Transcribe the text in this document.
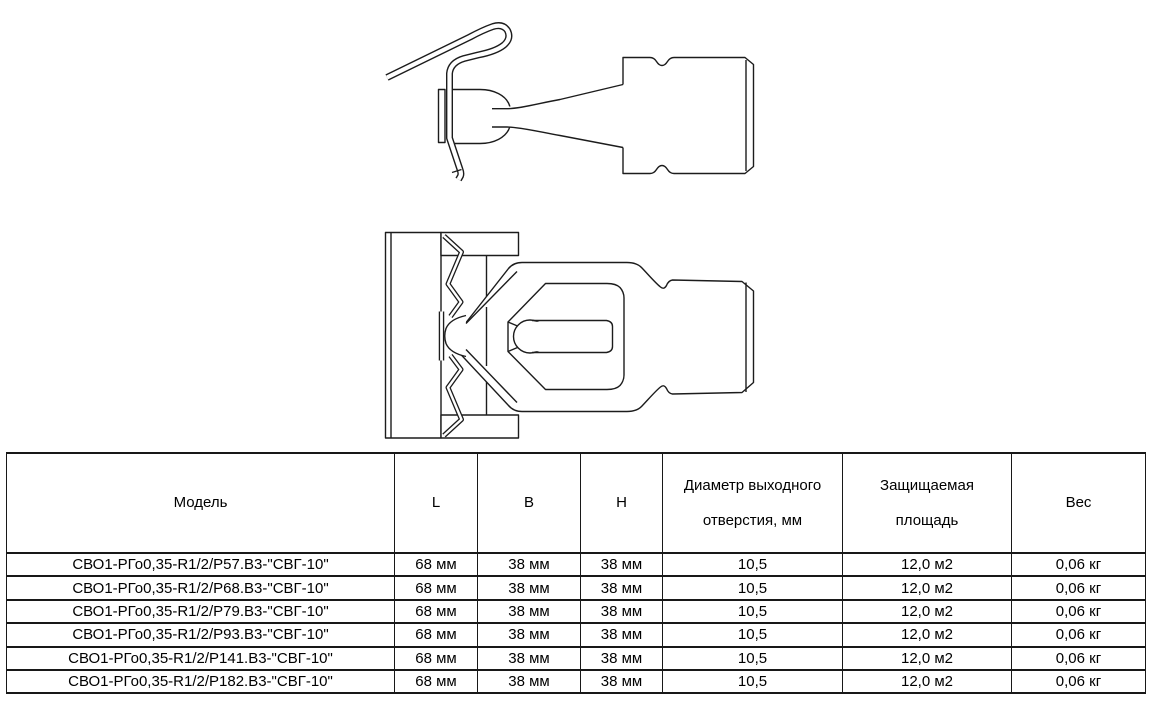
Модель	L	B	H	Диаметр выходного отверстия, мм	Защищаемая площадь	Вес
СВО1-РГо0,35-R1/2/Р57.В3-"СВГ-10"	68 мм	38 мм	38 мм	10,5	12,0 м2	0,06 кг
СВО1-РГо0,35-R1/2/Р68.В3-"СВГ-10"	68 мм	38 мм	38 мм	10,5	12,0 м2	0,06 кг
СВО1-РГо0,35-R1/2/Р79.В3-"СВГ-10"	68 мм	38 мм	38 мм	10,5	12,0 м2	0,06 кг
СВО1-РГо0,35-R1/2/Р93.В3-"СВГ-10"	68 мм	38 мм	38 мм	10,5	12,0 м2	0,06 кг
СВО1-РГо0,35-R1/2/Р141.В3-"СВГ-10"	68 мм	38 мм	38 мм	10,5	12,0 м2	0,06 кг
СВО1-РГо0,35-R1/2/Р182.В3-"СВГ-10"	68 мм	38 мм	38 мм	10,5	12,0 м2	0,06 кг
